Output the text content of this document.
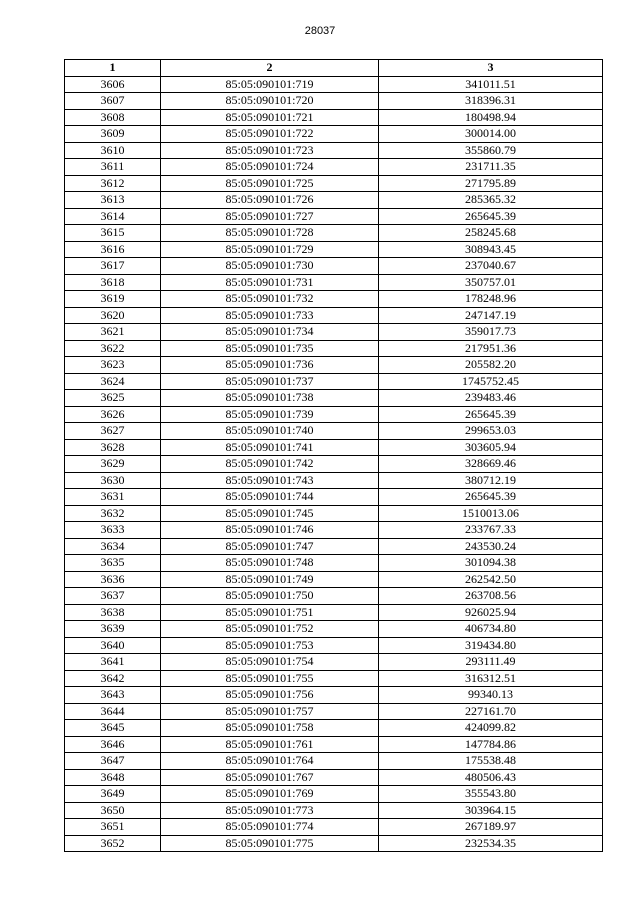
28037
1	2	3
3606	85:05:090101:719	341011.51
3607	85:05:090101:720	318396.31
3608	85:05:090101:721	180498.94
3609	85:05:090101:722	300014.00
3610	85:05:090101:723	355860.79
3611	85:05:090101:724	231711.35
3612	85:05:090101:725	271795.89
3613	85:05:090101:726	285365.32
3614	85:05:090101:727	265645.39
3615	85:05:090101:728	258245.68
3616	85:05:090101:729	308943.45
3617	85:05:090101:730	237040.67
3618	85:05:090101:731	350757.01
3619	85:05:090101:732	178248.96
3620	85:05:090101:733	247147.19
3621	85:05:090101:734	359017.73
3622	85:05:090101:735	217951.36
3623	85:05:090101:736	205582.20
3624	85:05:090101:737	1745752.45
3625	85:05:090101:738	239483.46
3626	85:05:090101:739	265645.39
3627	85:05:090101:740	299653.03
3628	85:05:090101:741	303605.94
3629	85:05:090101:742	328669.46
3630	85:05:090101:743	380712.19
3631	85:05:090101:744	265645.39
3632	85:05:090101:745	1510013.06
3633	85:05:090101:746	233767.33
3634	85:05:090101:747	243530.24
3635	85:05:090101:748	301094.38
3636	85:05:090101:749	262542.50
3637	85:05:090101:750	263708.56
3638	85:05:090101:751	926025.94
3639	85:05:090101:752	406734.80
3640	85:05:090101:753	319434.80
3641	85:05:090101:754	293111.49
3642	85:05:090101:755	316312.51
3643	85:05:090101:756	99340.13
3644	85:05:090101:757	227161.70
3645	85:05:090101:758	424099.82
3646	85:05:090101:761	147784.86
3647	85:05:090101:764	175538.48
3648	85:05:090101:767	480506.43
3649	85:05:090101:769	355543.80
3650	85:05:090101:773	303964.15
3651	85:05:090101:774	267189.97
3652	85:05:090101:775	232534.35
